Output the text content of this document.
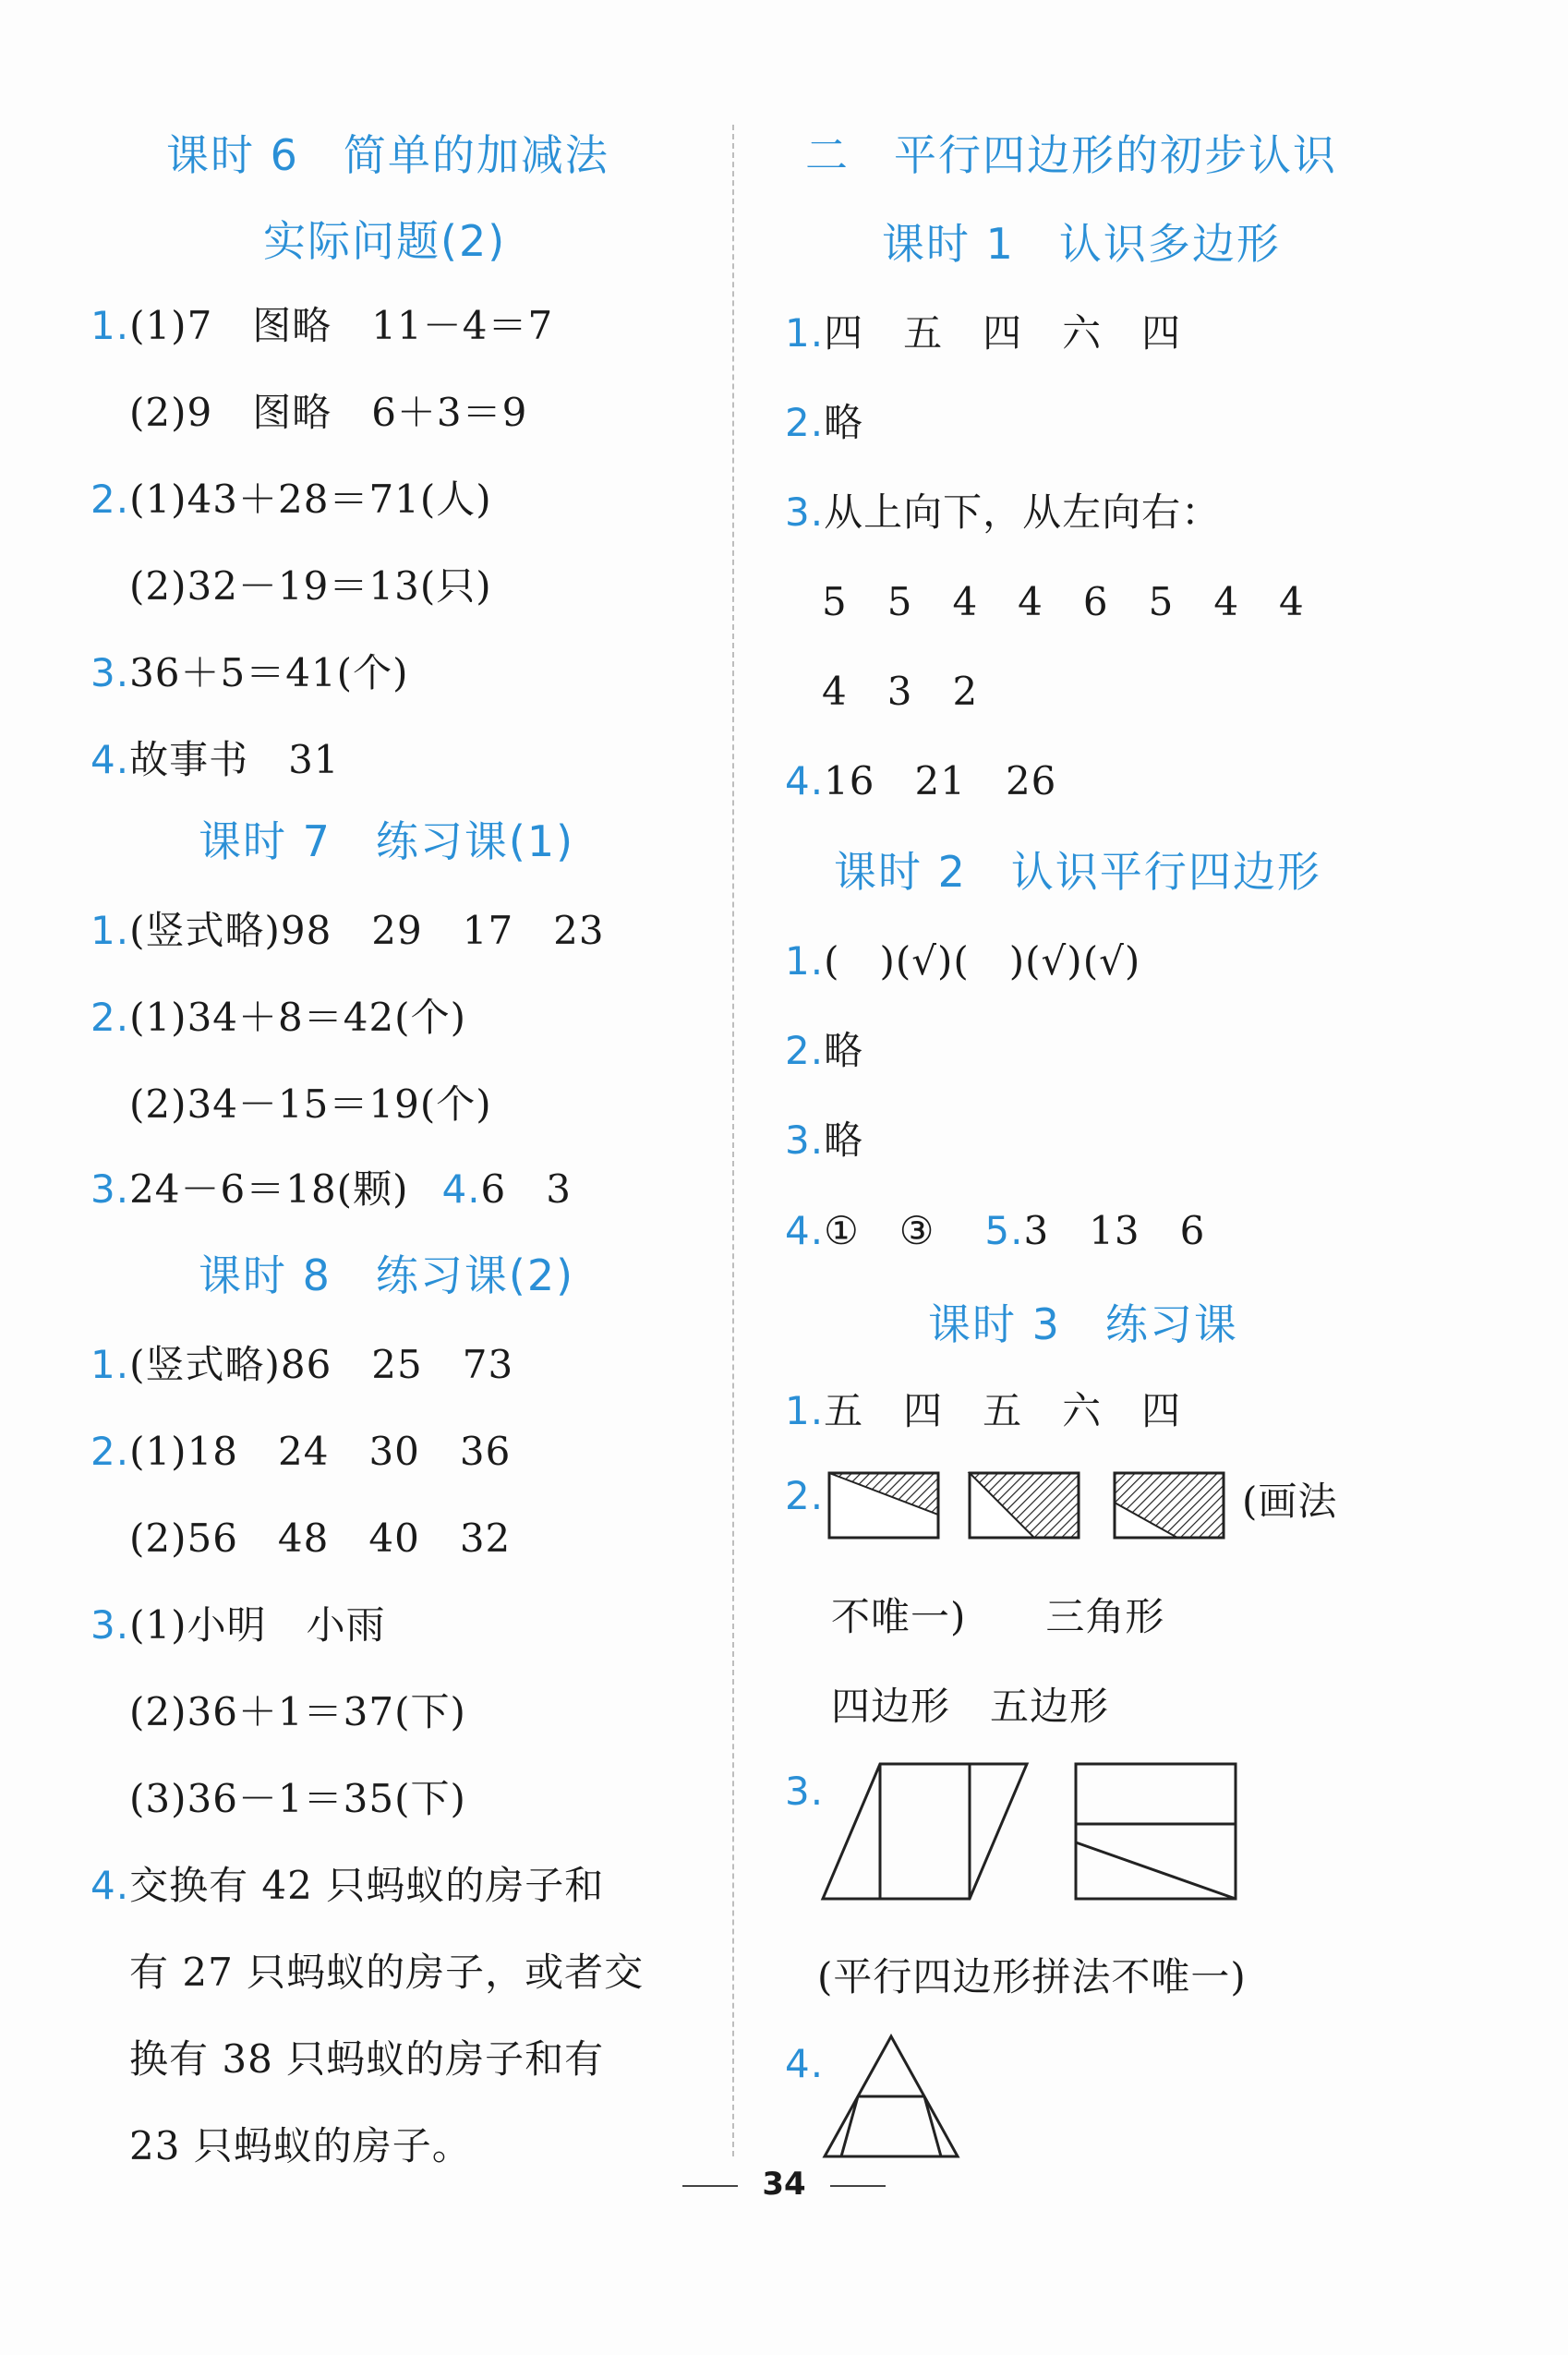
课时 6　简单的加减法
实际问题(2)
1.(1)7　图略　11－4＝7
(2)9　图略　6＋3＝9
2.(1)43＋28＝71(人)
(2)32－19＝13(只)
3.36＋5＝41(个)
4.故事书　31
课时 7　练习课(1)
1.(竖式略)98　29　17　23
2.(1)34＋8＝42(个)
(2)34－15＝19(个)
3.24－6＝18(颗) 4.6　3
课时 8　练习课(2)
1.(竖式略)86　25　73
2.(1)18　24　30　36
(2)56　48　40　32
3.(1)小明　小雨
(2)36＋1＝37(下)
(3)36－1＝35(下)
4.交换有 42 只蚂蚁的房子和
有 27 只蚂蚁的房子，或者交
换有 38 只蚂蚁的房子和有
23 只蚂蚁的房子。
二　平行四边形的初步认识
课时 1　认识多边形
1.四　五　四　六　四
2.略
3.从上向下，从左向右：
5　5　4　4　6　5　4　4
4　3　2
4.16　21　26
课时 2　认识平行四边形
1.(　)(√)(　)(√)(√)
2.略
3.略
4.①　③ 5.3　13　6
课时 3　练习课
1.五　四　五　六　四
2.	(画法
不唯一)　　三角形
四边形　五边形
3.
(平行四边形拼法不唯一)
4.
34
